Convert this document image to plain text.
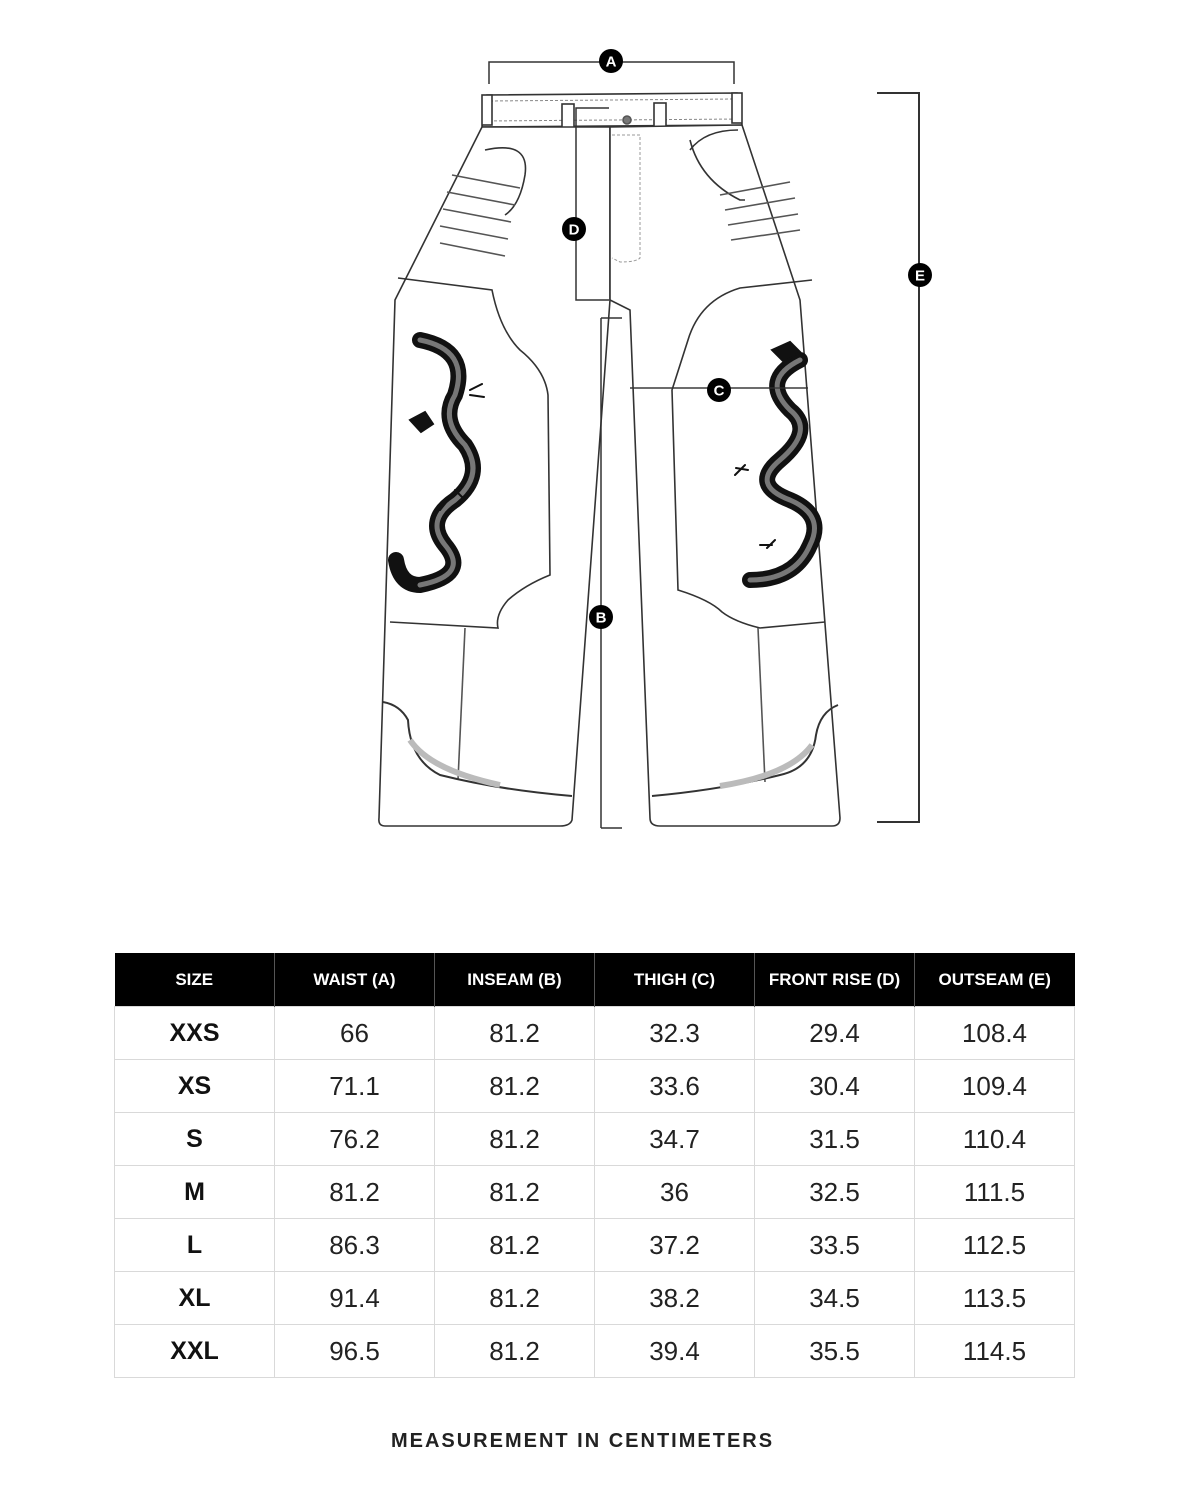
A
D
E
C
B
SIZE	WAIST (A)	INSEAM (B)	THIGH (C)	FRONT RISE (D)	OUTSEAM (E)
XXS	66	81.2	32.3	29.4	108.4
XS	71.1	81.2	33.6	30.4	109.4
S	76.2	81.2	34.7	31.5	110.4
M	81.2	81.2	36	32.5	111.5
L	86.3	81.2	37.2	33.5	112.5
XL	91.4	81.2	38.2	34.5	113.5
XXL	96.5	81.2	39.4	35.5	114.5
MEASUREMENT IN CENTIMETERS
